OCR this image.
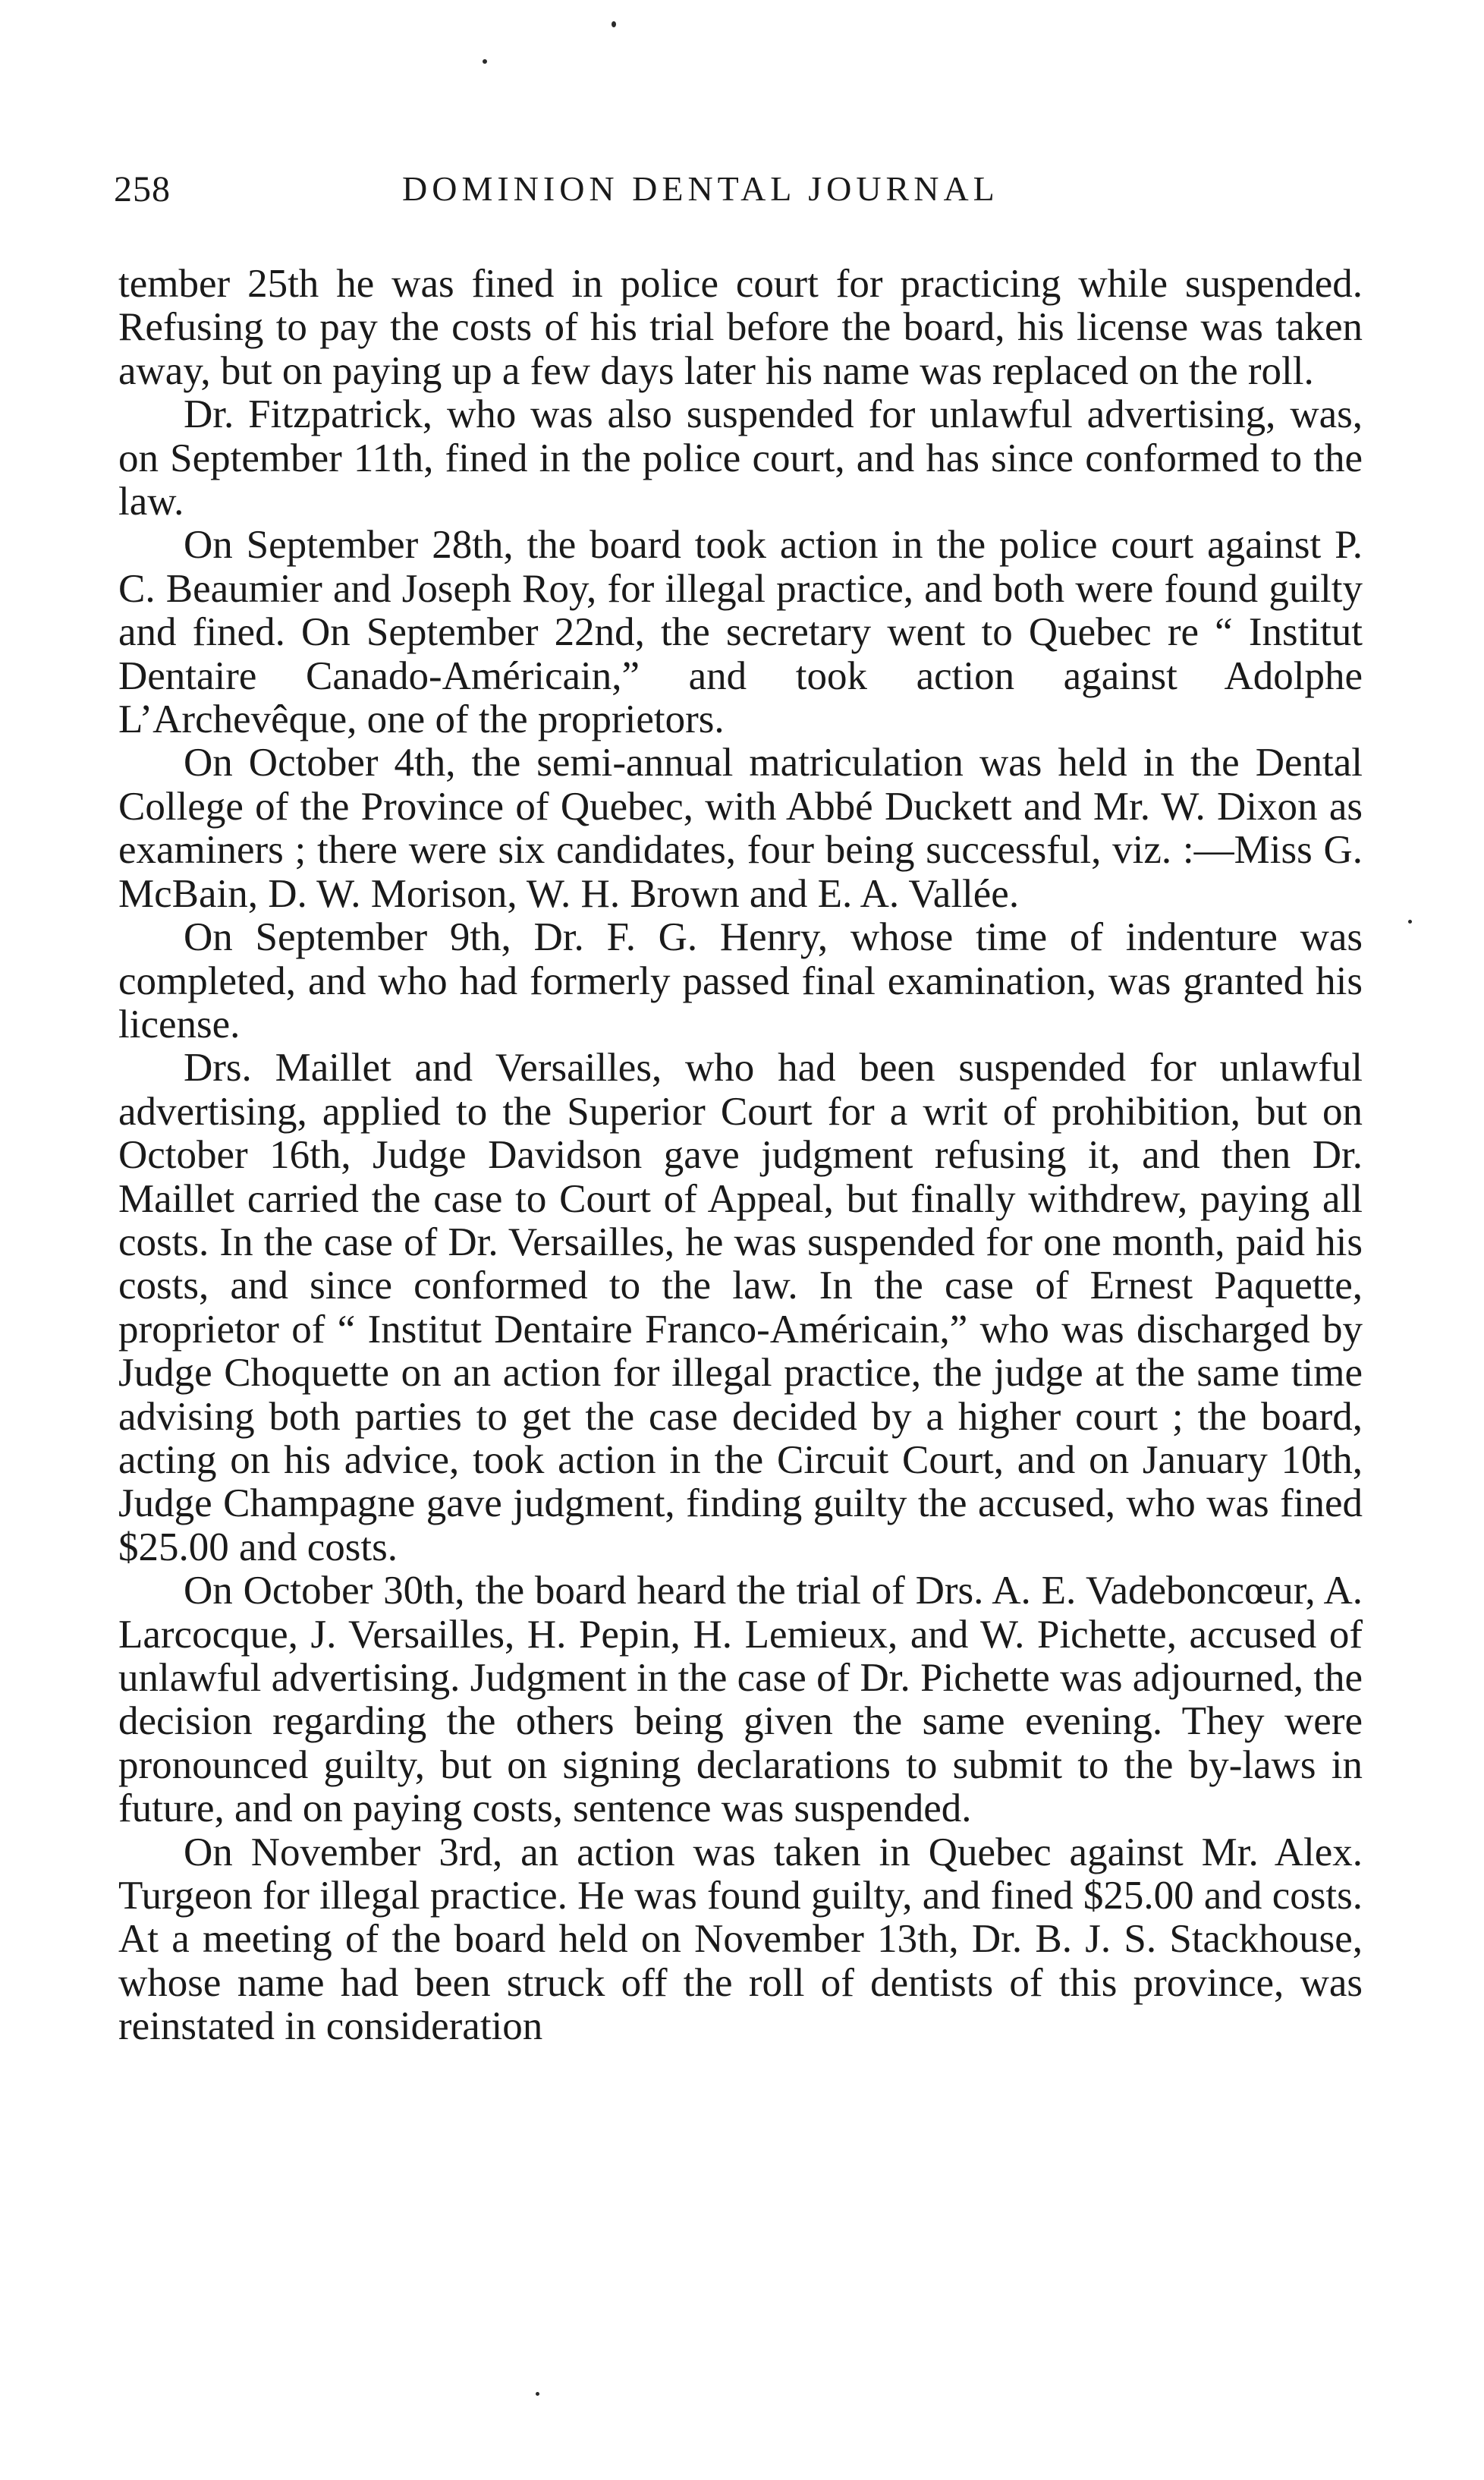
258	DOMINION DENTAL JOURNAL

tember 25th he was fined in police court for practicing while suspended. Refusing to pay the costs of his trial before the board, his license was taken away, but on paying up a few days later his name was replaced on the roll.

Dr. Fitzpatrick, who was also suspended for unlawful advertising, was, on September 11th, fined in the police court, and has since conformed to the law.

On September 28th, the board took action in the police court against P. C. Beaumier and Joseph Roy, for illegal practice, and both were found guilty and fined. On September 22nd, the secretary went to Quebec re “ Institut Dentaire Canado-Américain,” and took action against Adolphe L’Archevêque, one of the proprietors.

On October 4th, the semi-annual matriculation was held in the Dental College of the Province of Quebec, with Abbé Duckett and Mr. W. Dixon as examiners ; there were six candidates, four being successful, viz. :—Miss G. McBain, D. W. Morison, W. H. Brown and E. A. Vallée.

On September 9th, Dr. F. G. Henry, whose time of indenture was completed, and who had formerly passed final examination, was granted his license.

Drs. Maillet and Versailles, who had been suspended for unlawful advertising, applied to the Superior Court for a writ of prohibition, but on October 16th, Judge Davidson gave judgment refusing it, and then Dr. Maillet carried the case to Court of Appeal, but finally withdrew, paying all costs. In the case of Dr. Versailles, he was suspended for one month, paid his costs, and since conformed to the law. In the case of Ernest Paquette, proprietor of “ Institut Dentaire Franco-Américain,” who was discharged by Judge Choquette on an action for illegal practice, the judge at the same time advising both parties to get the case decided by a higher court ; the board, acting on his advice, took action in the Circuit Court, and on January 10th, Judge Champagne gave judgment, finding guilty the accused, who was fined $25.00 and costs.

On October 30th, the board heard the trial of Drs. A. E. Vadeboncœur, A. Larcocque, J. Versailles, H. Pepin, H. Lemieux, and W. Pichette, accused of unlawful advertising. Judgment in the case of Dr. Pichette was adjourned, the decision regarding the others being given the same evening. They were pronounced guilty, but on signing declarations to submit to the by-laws in future, and on paying costs, sentence was suspended.

On November 3rd, an action was taken in Quebec against Mr. Alex. Turgeon for illegal practice. He was found guilty, and fined $25.00 and costs. At a meeting of the board held on November 13th, Dr. B. J. S. Stackhouse, whose name had been struck off the roll of dentists of this province, was reinstated in consideration
